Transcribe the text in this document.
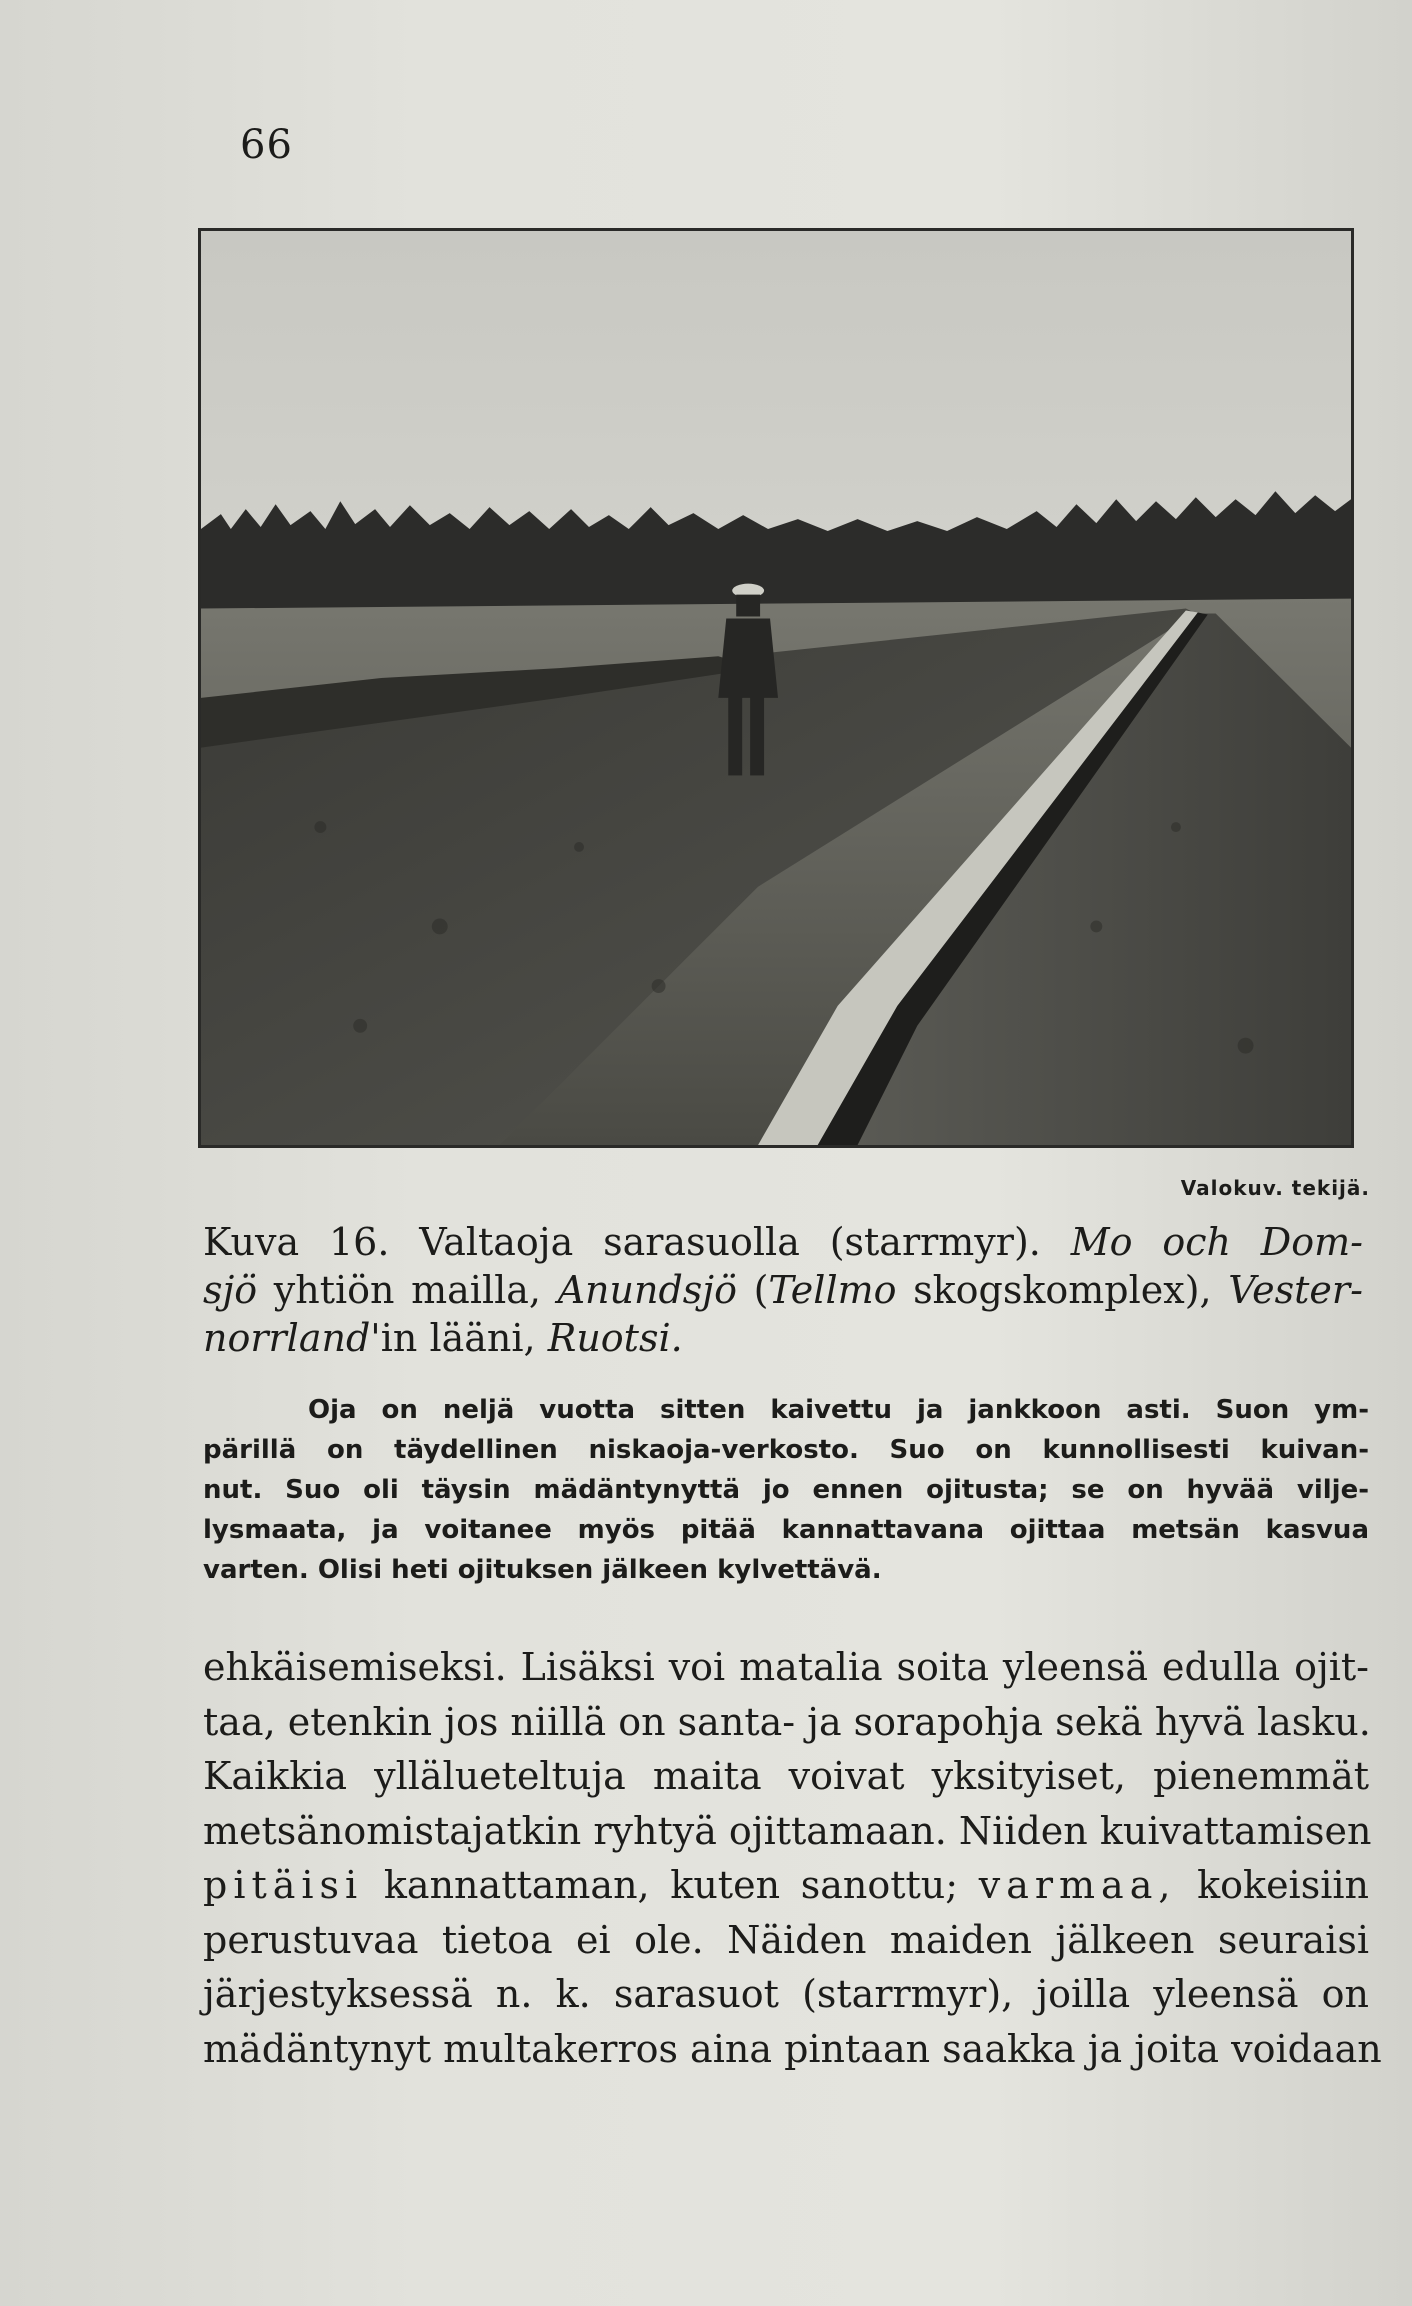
66
Valokuv. tekijä.
Kuva 16. Valtaoja sarasuolla (starrmyr). Mo och Dom-
sjö yhtiön maillа, Anundsjö (Tellmo skogskomplex), Vester-
norrland'in lääni, Ruotsi.
Oja on neljä vuotta sitten kaivettu ja jankkoon asti. Suon ym-
pärillä on täydellinen niskaoja-verkosto. Suo on kunnollisesti kuivan-
nut. Suo oli täysin mädäntynyttä jo ennen ojitusta; se on hyvää vilje-
lysmaata, ja voitanee myös pitää kannattavana ojittaa metsän kasvua
varten. Olisi heti ojituksen jälkeen kylvettävä.
ehkäisemiseksi. Lisäksi voi matalia soita yleensä edulla ojit-
taa, etenkin jos niillä on santa- ja sorapohja sekä hyvä lasku.
Kaikkia yllälueteltuja maita voivat yksityiset, pienemmät
metsänomistajatkin ryhtyä ojittamaan. Niiden kuivattamisen
pitäisi kannattaman, kuten sanottu; varmaa, kokeisiin
perustuvaa tietoa ei ole. Näiden maiden jälkeen seuraisi
järjestyksessä n. k. sarasuot (starrmyr), joilla yleensä on
mädäntynyt multakerros aina pintaan saakka ja joita voidaan
